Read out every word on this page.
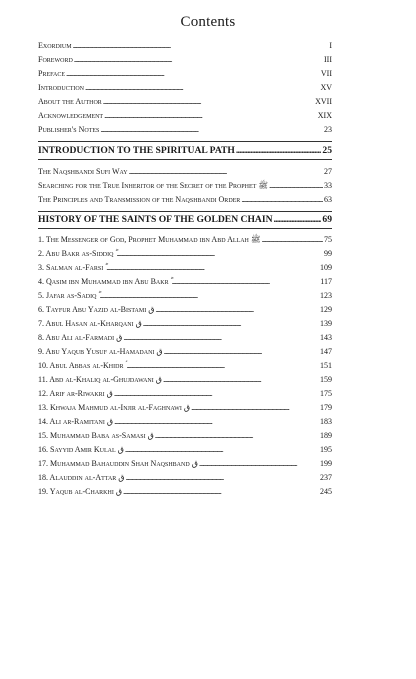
Contents
Exordium . . .	I
Foreword . . .	III
Preface . . .	VII
Introduction . . .	XV
About the Author . . .	XVII
Acknowledgement . . .	XIX
Publisher's Notes . . .	23
INTRODUCTION TO THE SPIRITUAL PATH . . .	25
The Naqshbandi Sufi Way . . .	27
Searching for the True Inheritor of the Secret of the Prophet ﷺ . . .	33
The Principles and Transmission of the Naqshbandi Order . . .	63
HISTORY OF THE SAINTS OF THE GOLDEN CHAIN . . .	69
1. The Messenger of God, Prophet Muhammad ibn Abd Allah ﷺ . . .	75
2. Abu Bakr as-Siddiq ؓ . . .	99
3. Salman al-Farsi ؓ . . .	109
4. Qasim ibn Muhammad ibn Abu Bakr ؓ . . .	117
5. Jafar as-Sadiq ؓ . . .	123
6. Tayfur Abu Yazid al-Bistami ق . . .	129
7. Abul Hasan al-Kharqani ق . . .	139
8. Abu Ali al-Farmadi ق . . .	143
9. Abu Yaqub Yusuf al-Hamadani ق . . .	147
10. Abul Abbas al-Khidr ؑ . . .	151
11. Abd al-Khaliq al-Ghujdawani ق . . .	159
12. Arif ar-Riwakri ق . . .	175
13. Khwaja Mahmud al-Injir al-Faghnawi ق . . .	179
14. Ali ar-Ramitani ق . . .	183
15. Muhammad Baba as-Samasi ق . . .	189
16. Sayyid Amir Kulal ق . . .	195
17. Muhammad Bahauddin Shah Naqshband ق . . .	199
18. Alauddin al-Attar ق . . .	237
19. Yaqub al-Charkhi ق . . .	245
